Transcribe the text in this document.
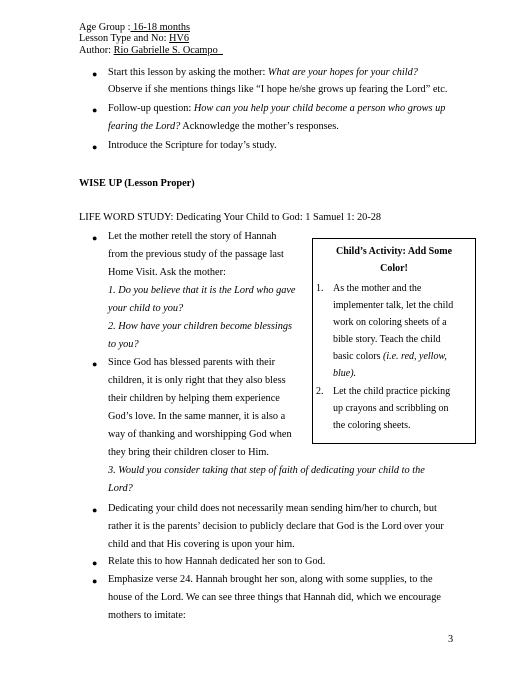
Age Group : 16-18 months
Lesson Type and No: HV6
Author: Rio Gabrielle S. Ocampo_
● Start this lesson by asking the mother: What are your hopes for your child?
Observe if she mentions things like “I hope he/she grows up fearing the Lord” etc.
● Follow-up question: How can you help your child become a person who grows up
fearing the Lord? Acknowledge the mother’s responses.
● Introduce the Scripture for today’s study.
WISE UP (Lesson Proper)
LIFE WORD STUDY: Dedicating Your Child to God: 1 Samuel 1: 20-28
● Let the mother retell the story of Hannah
from the previous study of the passage last
Home Visit. Ask the mother:
1. Do you believe that it is the Lord who gave
your child to you?
2. How have your children become blessings
to you?
● Since God has blessed parents with their
children, it is only right that they also bless
their children by helping them experience
God’s love. In the same manner, it is also a
way of thanking and worshipping God when
they bring their children closer to Him.
3. Would you consider taking that step of faith of dedicating your child to the
Lord?
● Dedicating your child does not necessarily mean sending him/her to church, but
rather it is the parents’ decision to publicly declare that God is the Lord over your
child and that His covering is upon your him.
● Relate this to how Hannah dedicated her son to God.
● Emphasize verse 24. Hannah brought her son, along with some supplies, to the
house of the Lord. We can see three things that Hannah did, which we encourage
mothers to imitate:
Child’s Activity: Add Some
Color!
1. As the mother and the
implementer talk, let the child
work on coloring sheets of a
bible story. Teach the child
basic colors (i.e. red, yellow,
blue).
2. Let the child practice picking
up crayons and scribbling on
the coloring sheets.
3
